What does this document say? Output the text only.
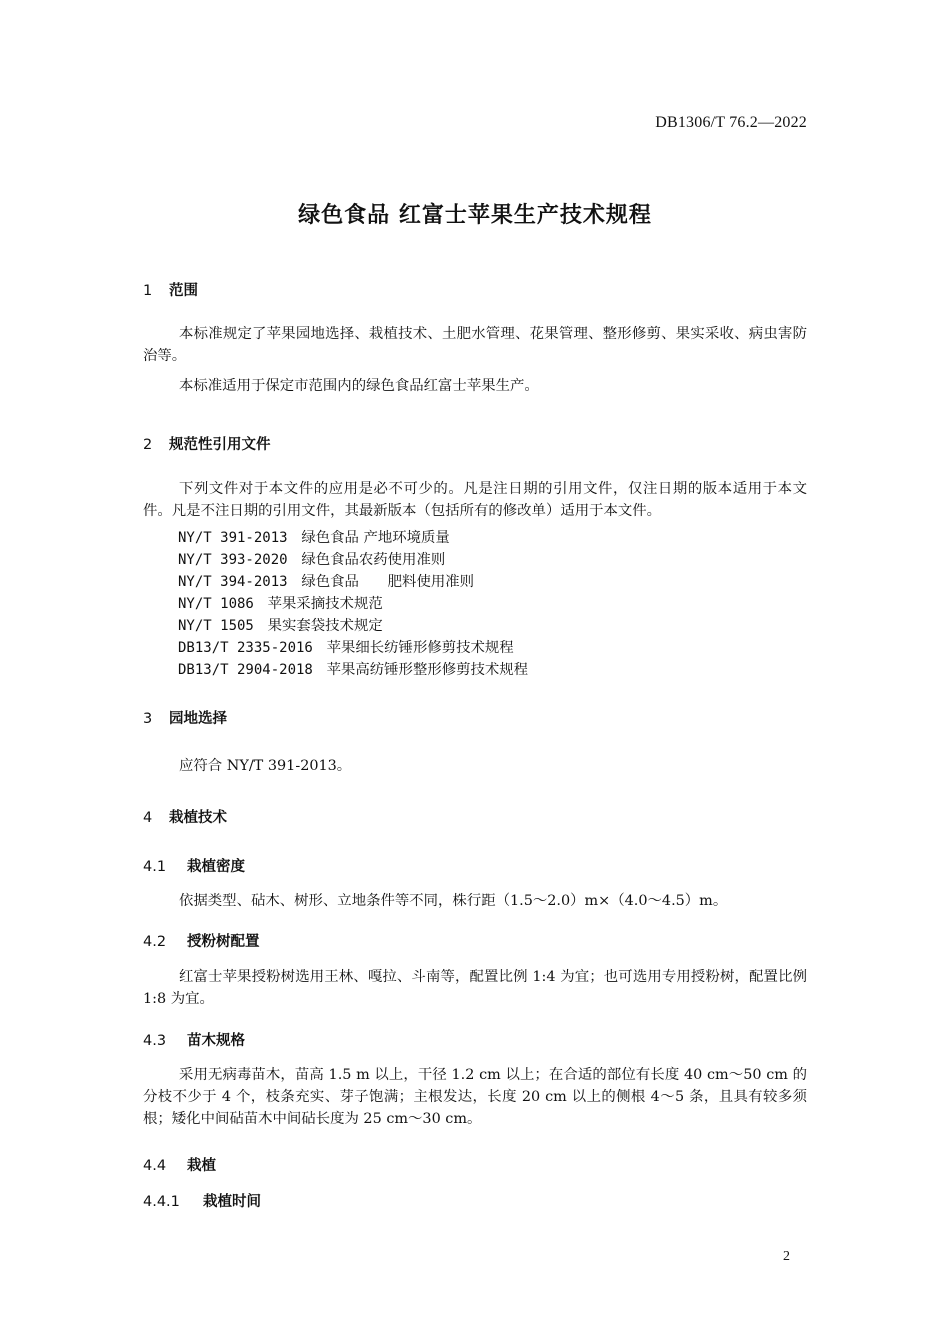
DB1306/T 76.2—2022
绿色食品 红富士苹果生产技术规程
1 范围
本标准规定了苹果园地选择、栽植技术、土肥水管理、花果管理、整形修剪、果实采收、病虫害防治等。
本标准适用于保定市范围内的绿色食品红富士苹果生产。
2 规范性引用文件
下列文件对于本文件的应用是必不可少的。凡是注日期的引用文件，仅注日期的版本适用于本文件。凡是不注日期的引用文件，其最新版本（包括所有的修改单）适用于本文件。
NY/T 391-2013 绿色食品 产地环境质量
NY/T 393-2020 绿色食品农药使用准则
NY/T 394-2013 绿色食品　　肥料使用准则
NY/T 1086 苹果采摘技术规范
NY/T 1505 果实套袋技术规定
DB13/T 2335-2016 苹果细长纺锤形修剪技术规程
DB13/T 2904-2018 苹果高纺锤形整形修剪技术规程
3 园地选择
应符合 NY/T 391-2013。
4 栽植技术
4.1 栽植密度
依据类型、砧木、树形、立地条件等不同，株行距（1.5～2.0）m×（4.0～4.5）m。
4.2 授粉树配置
红富士苹果授粉树选用王林、嘎拉、斗南等，配置比例 1:4 为宜；也可选用专用授粉树，配置比例 1:8 为宜。
4.3 苗木规格
采用无病毒苗木，苗高 1.5 m 以上，干径 1.2 cm 以上；在合适的部位有长度 40 cm～50 cm 的分枝不少于 4 个，枝条充实、芽子饱满；主根发达，长度 20 cm 以上的侧根 4～5 条，且具有较多须根；矮化中间砧苗木中间砧长度为 25 cm～30 cm。
4.4 栽植
4.4.1 栽植时间
2
